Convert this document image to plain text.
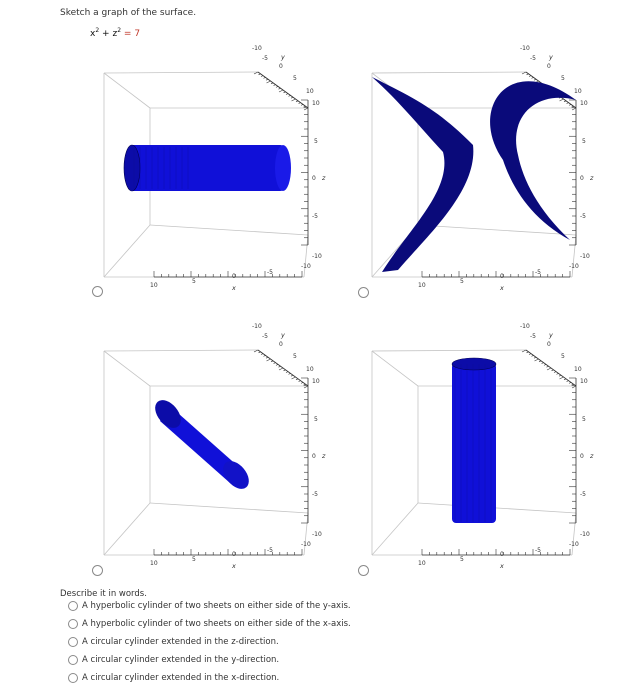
Sketch a graph of the surface.
$x^2 + z^2 = 7$
-10
-5 y
0
5
10
10
5
0 z
-5
-10
10
5
0
x
-5
-10
-10
-5 y
0
5
10
10
5
0 z
-5
-10
10
5
0
x
-5
-10
-10
-5 y
0
5
10
10
5
0 z
-5
-10
10
5
0
x
-5
-10
-10
-5 y
0
5
10
10
5
0 z
-5
-10
10
5
0
x
-5
-10
Describe it in words.
A hyperbolic cylinder of two sheets on either side of the y-axis.
A hyperbolic cylinder of two sheets on either side of the x-axis.
A circular cylinder extended in the z-direction.
A circular cylinder extended in the y-direction.
A circular cylinder extended in the x-direction.
